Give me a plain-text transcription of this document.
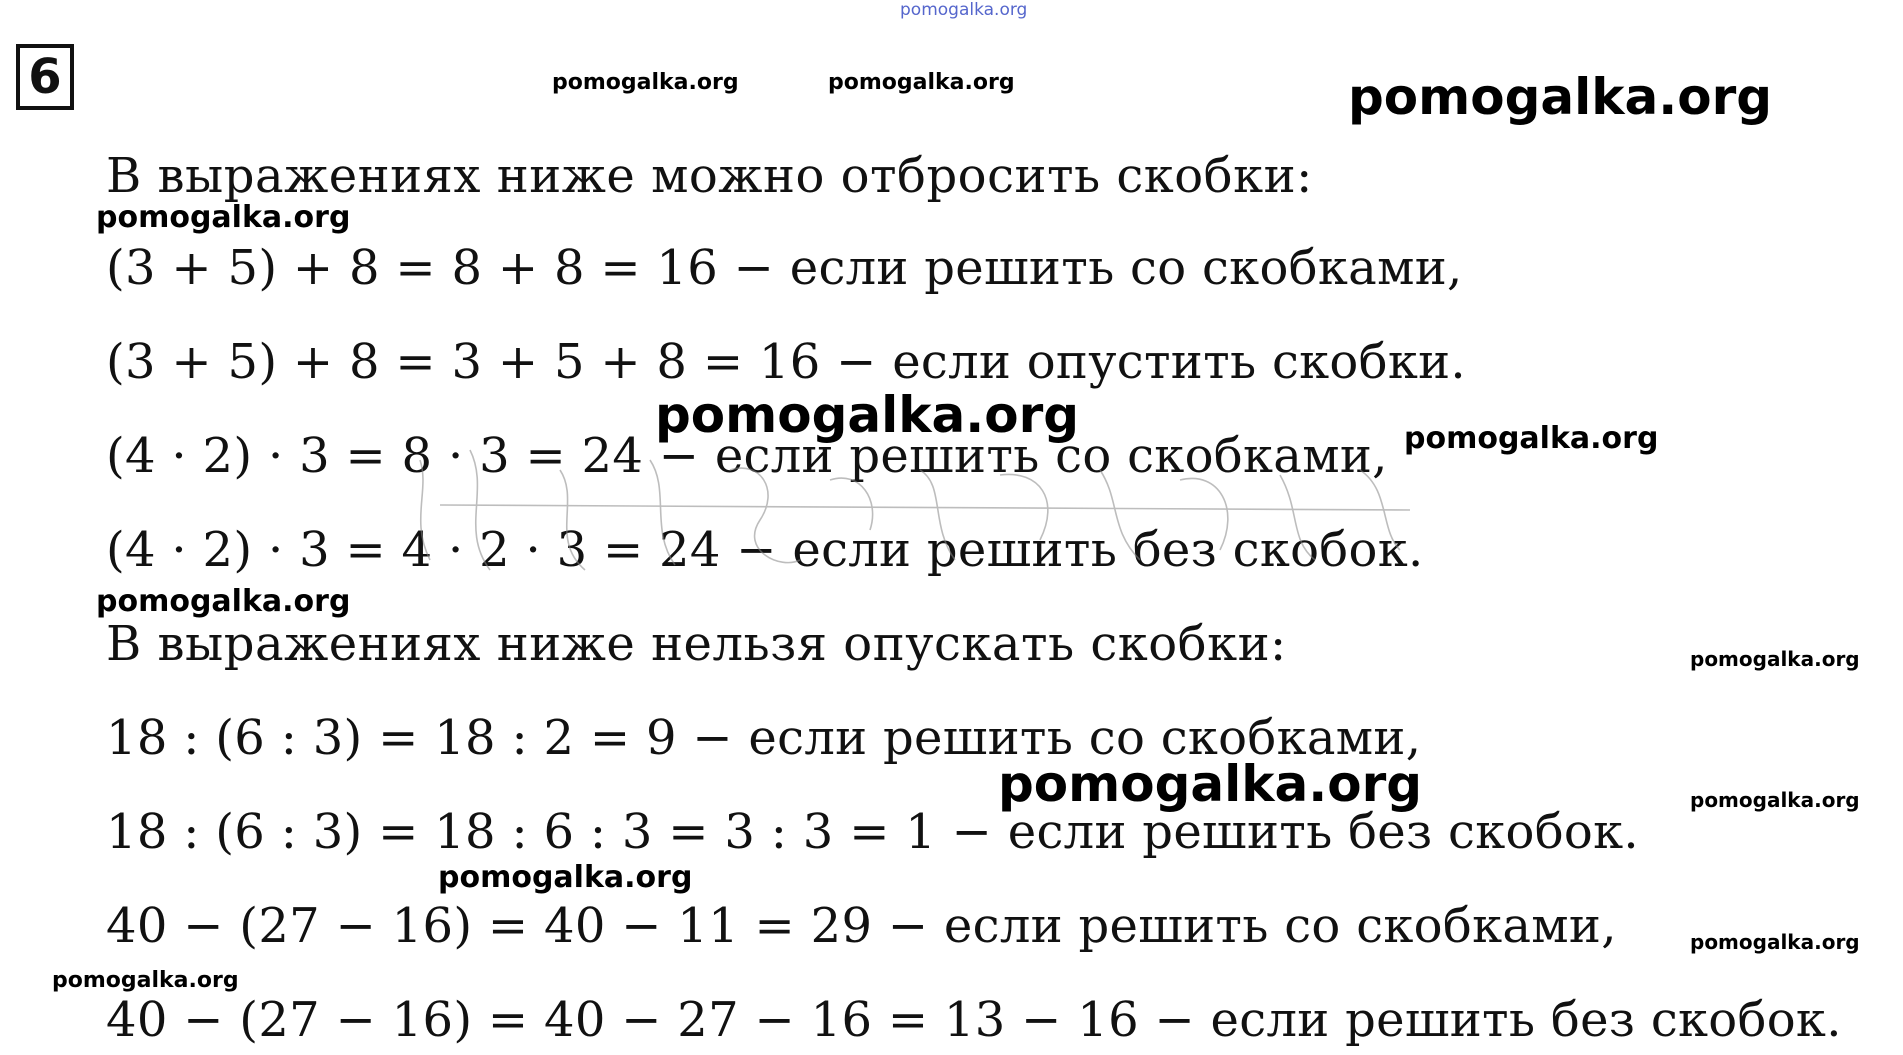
pomogalka.org
6	pomogalka.org	pomogalka.org	pomogalka.org
pomogalka.org
pomogalka.org	pomogalka.org
pomogalka.org
pomogalka.org
pomogalka.org	pomogalka.org
pomogalka.org
pomogalka.org
pomogalka.org
В выражениях ниже можно отбросить скобки:
(3 + 5) + 8 = 8 + 8 = 16 − если решить со скобками,
(3 + 5) + 8 = 3 + 5 + 8 = 16 − если опустить скобки.
(4 · 2) · 3 = 8 · 3 = 24 − если решить со скобками,
(4 · 2) · 3 = 4 · 2 · 3 = 24 − если решить без скобок.
В выражениях ниже нельзя опускать скобки:
18 : (6 : 3) = 18 : 2 = 9 − если решить со скобками,
18 : (6 : 3) = 18 : 6 : 3 = 3 : 3 = 1 − если решить без скобок.
40 − (27 − 16) = 40 − 11 = 29 − если решить со скобками,
40 − (27 − 16) = 40 − 27 − 16 = 13 − 16 − если решить без скобок.
